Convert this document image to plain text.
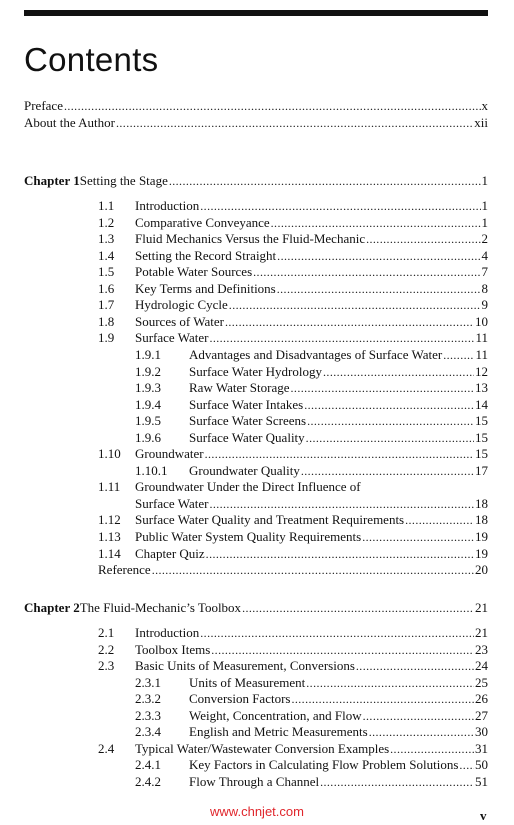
Contents
Preface .....	x
About the Author .....	xii
Chapter 1 Setting the Stage .....	1
1.1	Introduction .....	1
1.2	Comparative Conveyance .....	1
1.3	Fluid Mechanics Versus the Fluid-Mechanic .....	2
1.4	Setting the Record Straight .....	4
1.5	Potable Water Sources .....	7
1.6	Key Terms and Definitions .....	8
1.7	Hydrologic Cycle .....	9
1.8	Sources of Water .....	10
1.9	Surface Water .....	11
1.9.1	Advantages and Disadvantages of Surface Water .....	11
1.9.2	Surface Water Hydrology .....	12
1.9.3	Raw Water Storage .....	13
1.9.4	Surface Water Intakes .....	14
1.9.5	Surface Water Screens .....	15
1.9.6	Surface Water Quality .....	15
1.10	Groundwater .....	15
1.10.1	Groundwater Quality .....	17
1.11	Groundwater Under the Direct Influence of
Surface Water .....	18
1.12	Surface Water Quality and Treatment Requirements .....	18
1.13	Public Water System Quality Requirements .....	19
1.14	Chapter Quiz .....	19
Reference .....	20
Chapter 2 The Fluid-Mechanic’s Toolbox .....	21
2.1	Introduction .....	21
2.2	Toolbox Items .....	23
2.3	Basic Units of Measurement, Conversions .....	24
2.3.1	Units of Measurement .....	25
2.3.2	Conversion Factors .....	26
2.3.3	Weight, Concentration, and Flow .....	27
2.3.4	English and Metric Measurements .....	30
2.4	Typical Water/Wastewater Conversion Examples .....	31
2.4.1	Key Factors in Calculating Flow Problem Solutions ..... 50
2.4.2	Flow Through a Channel .....	51
www.chnjet.com	v
